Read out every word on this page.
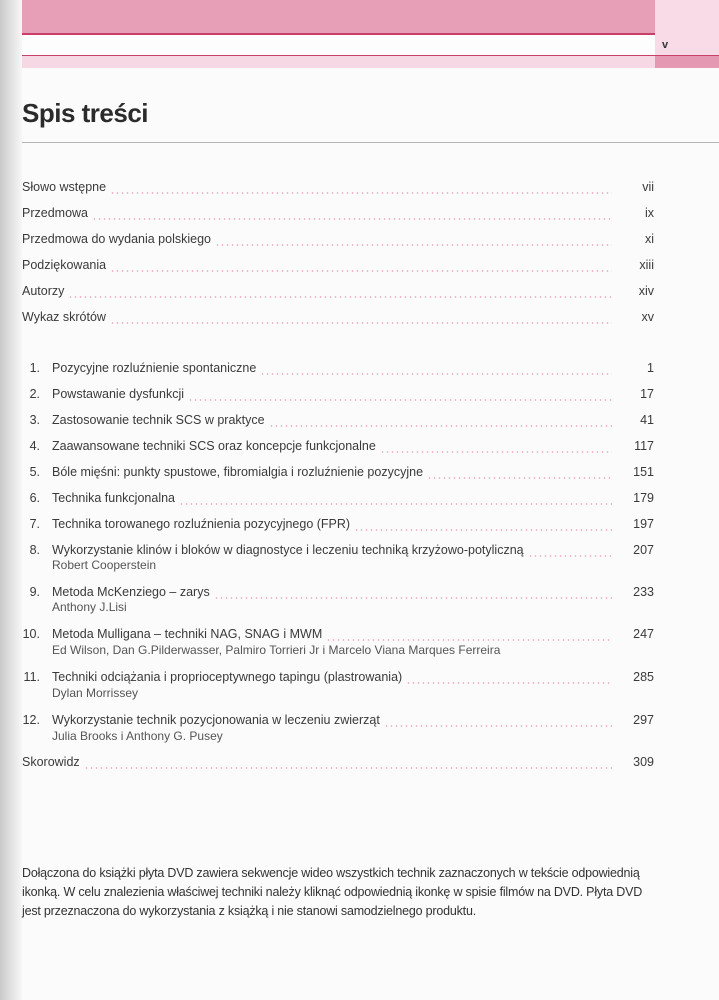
v
Spis treści
Słowo wstępne	vii
Przedmowa	ix
Przedmowa do wydania polskiego	xi
Podziękowania	xiii
Autorzy	xiv
Wykaz skrótów	xv
1. Pozycyjne rozluźnienie spontaniczne	1
2. Powstawanie dysfunkcji	17
3. Zastosowanie technik SCS w praktyce	41
4. Zaawansowane techniki SCS oraz koncepcje funkcjonalne	117
5. Bóle mięśni: punkty spustowe, fibromialgia i rozluźnienie pozycyjne	151
6. Technika funkcjonalna	179
7. Technika torowanego rozluźnienia pozycyjnego (FPR)	197
8. Wykorzystanie klinów i bloków w diagnostyce i leczeniu techniką krzyżowo-potyliczną	207
Robert Cooperstein
9. Metoda McKenziego – zarys	233
Anthony J.Lisi
10. Metoda Mulligana – techniki NAG, SNAG i MWM	247
Ed Wilson, Dan G.Pilderwasser, Palmiro Torrieri Jr i Marcelo Viana Marques Ferreira
11. Techniki odciążania i proprioceptywnego tapingu (plastrowania)	285
Dylan Morrissey
12. Wykorzystanie technik pozycjonowania w leczeniu zwierząt	297
Julia Brooks i Anthony G. Pusey
Skorowidz	309

Dołączona do książki płyta DVD zawiera sekwencje wideo wszystkich technik zaznaczonych w tekście odpowiednią ikonką. W celu znalezienia właściwej techniki należy kliknąć odpowiednią ikonkę w spisie filmów na DVD. Płyta DVD jest przeznaczona do wykorzystania z książką i nie stanowi samodzielnego produktu.
